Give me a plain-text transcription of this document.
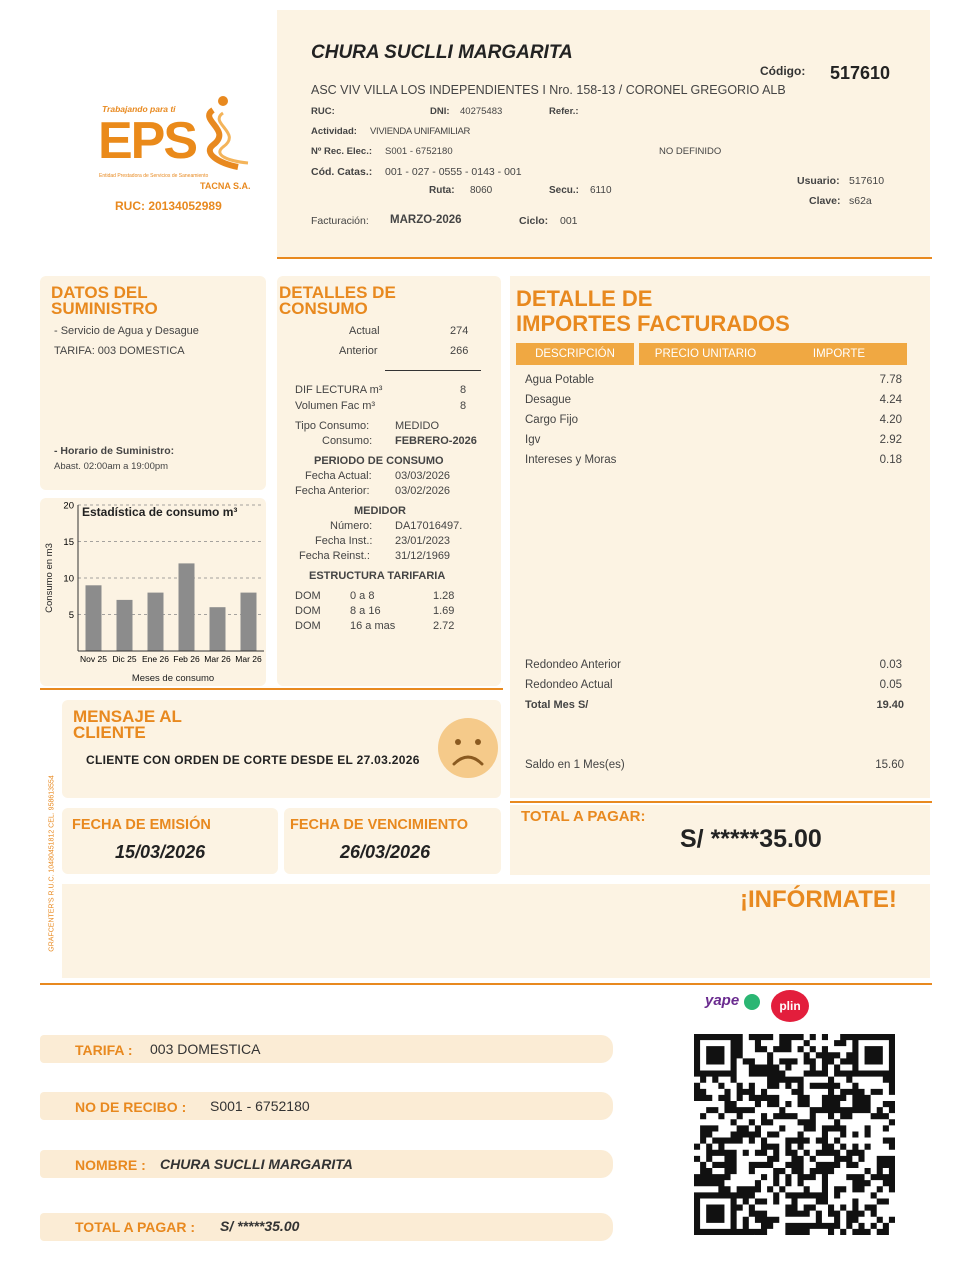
CHURA SUCLLI MARGARITA
Código: 517610
ASC VIV VILLA LOS INDEPENDIENTES I Nro. 158-13 / CORONEL GREGORIO ALB
RUC:	DNI: 40275483	Refer.:
Actividad: VIVIENDA UNIFAMILIAR
Nº Rec. Elec.: S001 - 6752180	NO DEFINIDO
Cód. Catas.: 001 - 027 - 0555 - 0143 - 001
Ruta: 8060	Secu.: 6110
Usuario: 517610
Clave: s62a
Facturación: MARZO-2026	Ciclo: 001
Trabajando para ti
EPS
Entidad Prestadora de Servicios de Saneamiento
TACNA S.A.
RUC: 20134052989
DATOS DEL
SUMINISTRO
- Servicio de Agua y Desague
TARIFA: 003 DOMESTICA
- Horario de Suministro:
Abast. 02:00am a 19:00pm
20
15
10
5
Nov 25 Dic 25 Ene 26 Feb 26 Mar 26 Mar 26
Estadística de consumo m³
Meses de consumo
Consumo en m3
DETALLES DE
CONSUMO
Actual	274
Anterior	266
DIF LECTURA m³	8
Volumen Fac m³	8
Tipo Consumo: MEDIDO
Consumo: FEBRERO-2026
PERIODO DE CONSUMO
Fecha Actual: 03/03/2026
Fecha Anterior: 03/02/2026
MEDIDOR
Número: DA17016497.
Fecha Inst.: 23/01/2023
Fecha Reinst.: 31/12/1969
ESTRUCTURA TARIFARIA
DOM	0 a 8	1.28
DOM	8 a 16	1.69
DOM	16 a mas	2.72
DETALLE DE
IMPORTES FACTURADOS
DESCRIPCIÓN	PRECIO UNITARIO	IMPORTE
Agua Potable	7.78
Desague	4.24
Cargo Fijo	4.20
Igv	2.92
Intereses y Moras	0.18
Redondeo Anterior	0.03
Redondeo Actual	0.05
Total Mes S/	19.40
Saldo en 1 Mes(es)	15.60
MENSAJE AL
CLIENTE
CLIENTE CON ORDEN DE CORTE DESDE EL 27.03.2026
GRAFCENTER'S R.U.C. 10480451812 CEL. 958613554 FECHA DE EMISIÓN
15/03/2026
FECHA DE VENCIMIENTO
26/03/2026
TOTAL A PAGAR:
S/ *****35.00
¡INFÓRMATE!
yape	plin
TARIFA : 003 DOMESTICA
NO DE RECIBO : S001 - 6752180
NOMBRE : CHURA SUCLLI MARGARITA
TOTAL A PAGAR : S/ *****35.00
